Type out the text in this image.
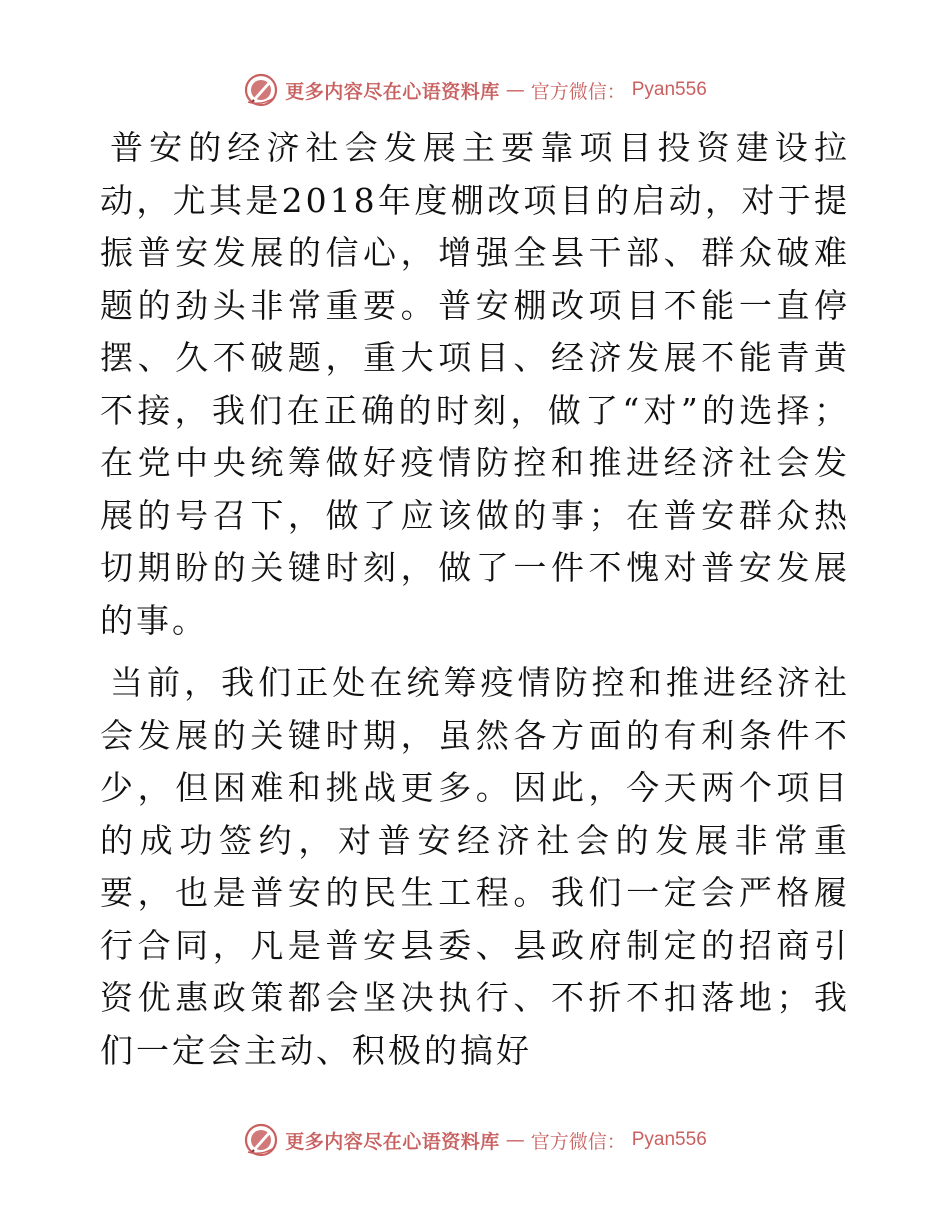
更多内容尽在心语资料库 — 官方微信： Pyan556

普安的经济社会发展主要靠项目投资建设拉动，尤其是2018年度棚改项目的启动，对于提振普安发展的信心，增强全县干部、群众破难题的劲头非常重要。普安棚改项目不能一直停摆、久不破题，重大项目、经济发展不能青黄不接，我们在正确的时刻，做了“对”的选择；在党中央统筹做好疫情防控和推进经济社会发展的号召下，做了应该做的事；在普安群众热切期盼的关键时刻，做了一件不愧对普安发展的事。

当前，我们正处在统筹疫情防控和推进经济社会发展的关键时期，虽然各方面的有利条件不少，但困难和挑战更多。因此，今天两个项目的成功签约，对普安经济社会的发展非常重要，也是普安的民生工程。我们一定会严格履行合同，凡是普安县委、县政府制定的招商引资优惠政策都会坚决执行、不折不扣落地；我们一定会主动、积极的搞好

更多内容尽在心语资料库 — 官方微信： Pyan556
